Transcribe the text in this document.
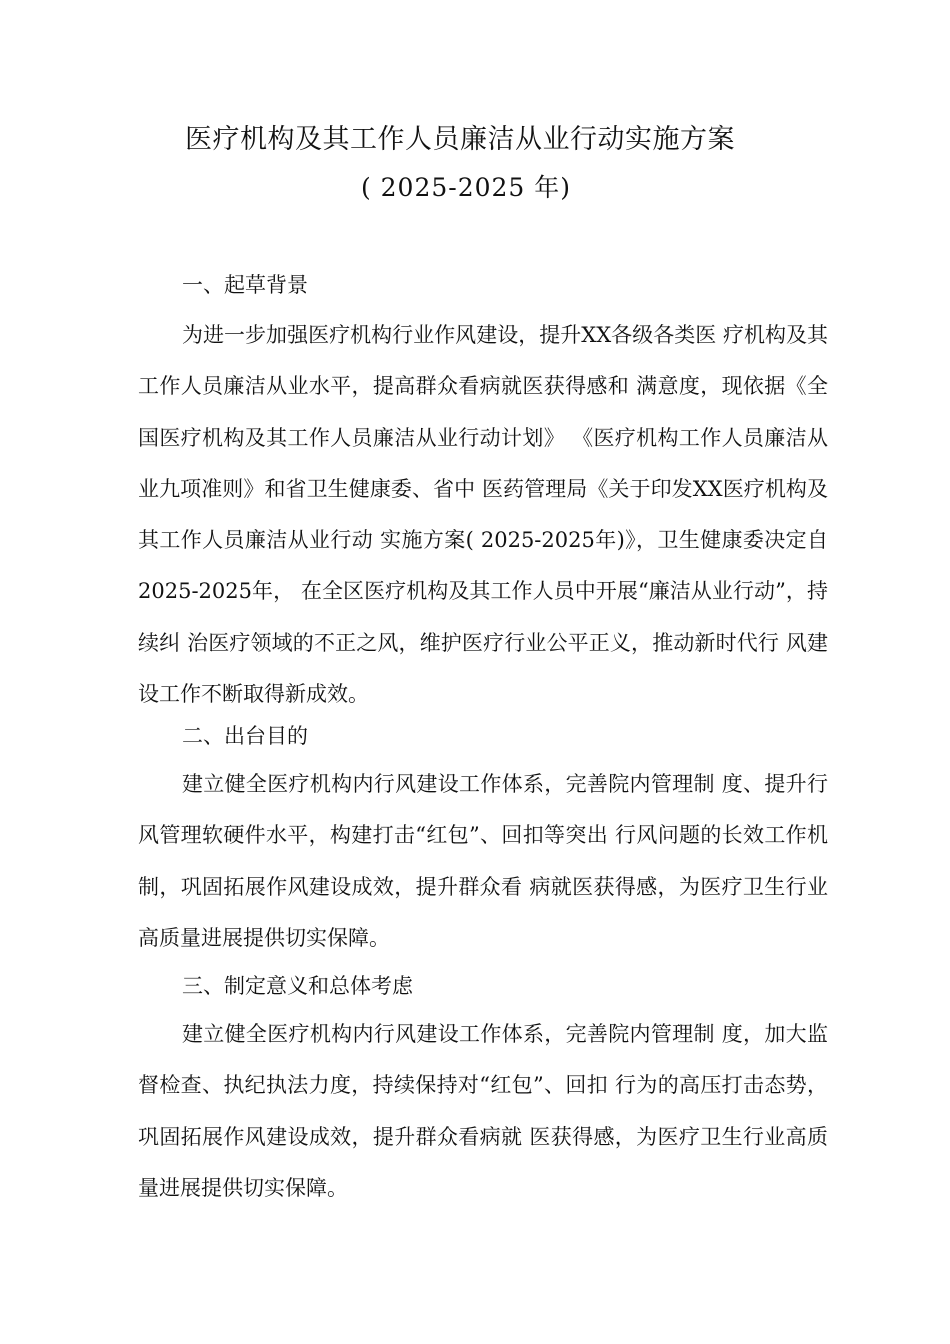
医疗机构及其工作人员廉洁从业行动实施方案
( 2025-2025 年)

一、起草背景

为进一步加强医疗机构行业作风建设，提升XX各级各类医 疗机构及其工作人员廉洁从业水平，提高群众看病就医获得感和 满意度，现依据《全国医疗机构及其工作人员廉洁从业行动计划》 《医疗机构工作人员廉洁从业九项准则》和省卫生健康委、省中 医药管理局《关于印发XX医疗机构及其工作人员廉洁从业行动 实施方案( 2025-2025年)》，卫生健康委决定自2025-2025年， 在全区医疗机构及其工作人员中开展“廉洁从业行动”，持续纠 治医疗领域的不正之风，维护医疗行业公平正义，推动新时代行 风建设工作不断取得新成效。

二、出台目的

建立健全医疗机构内行风建设工作体系，完善院内管理制 度、提升行风管理软硬件水平，构建打击“红包”、回扣等突出 行风问题的长效工作机制，巩固拓展作风建设成效，提升群众看 病就医获得感，为医疗卫生行业高质量进展提供切实保障。

三、制定意义和总体考虑

建立健全医疗机构内行风建设工作体系，完善院内管理制 度，加大监督检查、执纪执法力度，持续保持对“红包”、回扣 行为的高压打击态势，巩固拓展作风建设成效，提升群众看病就 医获得感，为医疗卫生行业高质量进展提供切实保障。
